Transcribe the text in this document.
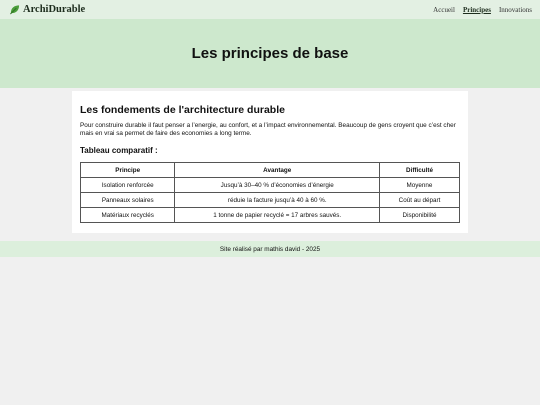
ArchiDurable	Accueil Principes Innovations
Les principes de base
Les fondements de l'architecture durable

Pour construire durable il faut penser a l’energie, au confort, et a l’impact environnemental. Beaucoup de gens croyent que c’est cher mais en vrai sa permet de faire des economies a long terme.

Tableau comparatif :
Principe	Avantage	Difficulté
Isolation renforcée	Jusqu’à 30–40 % d’économies d’énergie	Moyenne
Panneaux solaires	réduie la facture jusqu’à 40 à 60 %.	Coût au départ
Matériaux recyclés	1 tonne de papier recyclé = 17 arbres sauvés.	Disponibilité
Site réalisé par mathis david - 2025
